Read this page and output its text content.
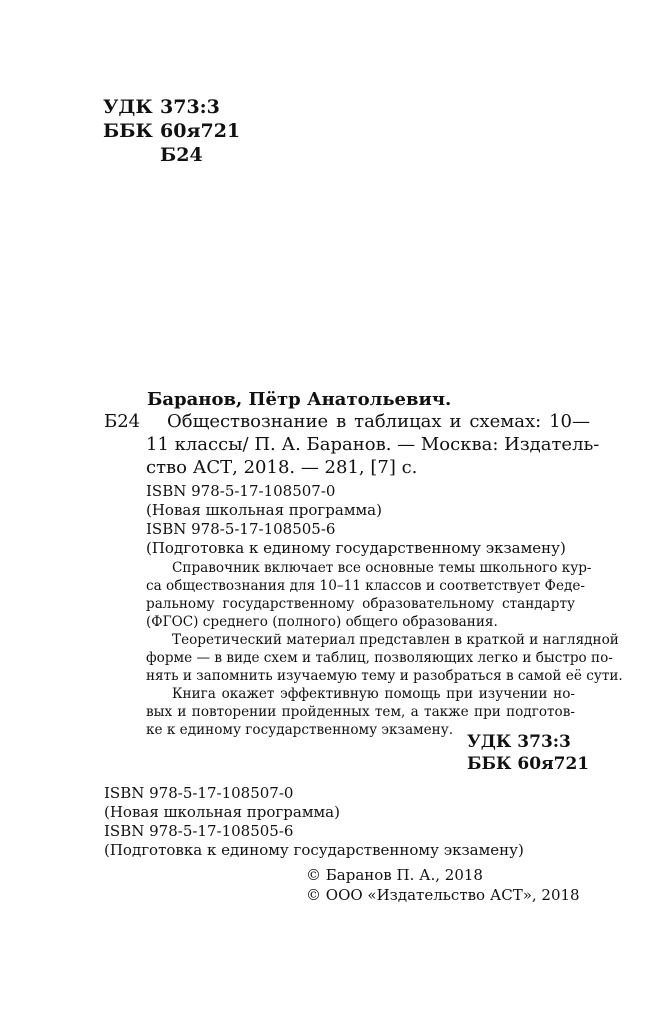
УДК 373:3
ББК 60я721
Б24
Баранов, Пётр Анатольевич.
Б24 Обществознание в таблицах и схемах: 10—
11 классы/ П. А. Баранов. — Москва: Издатель-
ство АСТ, 2018. — 281, [7] с.
ISBN 978-5-17-108507-0
(Новая школьная программа)
ISBN 978-5-17-108505-6
(Подготовка к единому государственному экзамену)
Справочник включает все основные темы школьного кур-
са обществознания для 10–11 классов и соответствует Феде-
ральному государственному образовательному стандарту
(ФГОС) среднего (полного) общего образования.
Теоретический материал представлен в краткой и наглядной
форме — в виде схем и таблиц, позволяющих легко и быстро по-
нять и запомнить изучаемую тему и разобраться в самой её сути.
Книга окажет эффективную помощь при изучении но-
вых и повторении пройденных тем, а также при подготов-
ке к единому государственному экзамену.
УДК 373:3
ББК 60я721
ISBN 978-5-17-108507-0
(Новая школьная программа)
ISBN 978-5-17-108505-6
(Подготовка к единому государственному экзамену)
© Баранов П. А., 2018
© ООО «Издательство АСТ», 2018
